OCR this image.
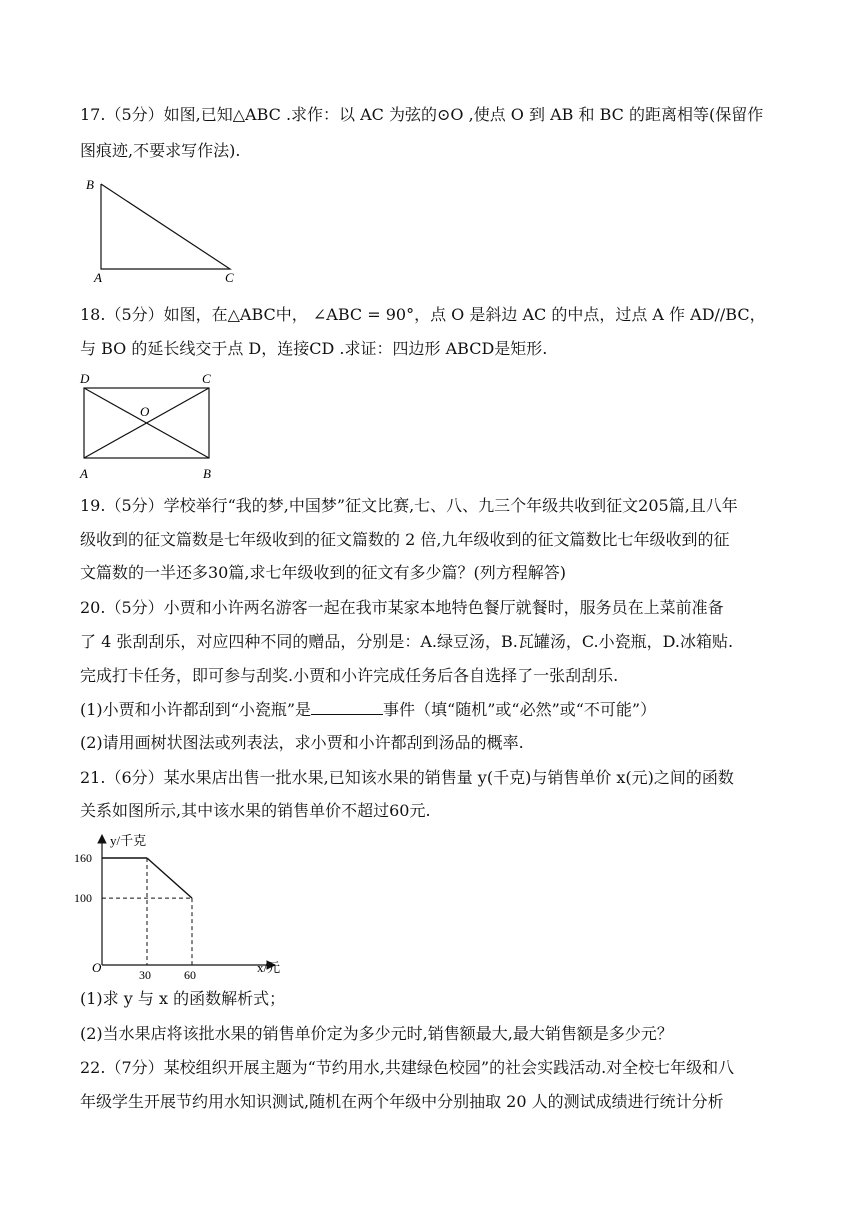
17.（5分）如图,已知△ABC .求作：以 AC 为弦的⊙O ,使点 O 到 AB 和 BC 的距离相等(保留作
图痕迹,不要求写作法).
B
A	C
18.（5分）如图，在△ABC中， ∠ABC = 90°，点 O 是斜边 AC 的中点，过点 A 作 AD//BC，
与 BO 的延长线交于点 D，连接CD .求证：四边形 ABCD是矩形.
D	C
O
A	B
19.（5分）学校举行“我的梦,中国梦”征文比赛,七、八、九三个年级共收到征文205篇,且八年
级收到的征文篇数是七年级收到的征文篇数的 2 倍,九年级收到的征文篇数比七年级收到的征
文篇数的一半还多30篇,求七年级收到的征文有多少篇？(列方程解答)
20.（5分）小贾和小许两名游客一起在我市某家本地特色餐厅就餐时，服务员在上菜前准备
了 4 张刮刮乐，对应四种不同的赠品，分别是：A.绿豆汤，B.瓦罐汤，C.小瓷瓶，D.冰箱贴.
完成打卡任务，即可参与刮奖.小贾和小许完成任务后各自选择了一张刮刮乐.
(1)小贾和小许都刮到“小瓷瓶”是	事件（填“随机”或“必然”或“不可能”）
(2)请用画树状图法或列表法，求小贾和小许都刮到汤品的概率.
21.（6分）某水果店出售一批水果,已知该水果的销售量 y(千克)与销售单价 x(元)之间的函数
关系如图所示,其中该水果的销售单价不超过60元.
y/千克
x/元
O	30	60
100
160
(1)求 y 与 x 的函数解析式；
(2)当水果店将该批水果的销售单价定为多少元时,销售额最大,最大销售额是多少元？
22.（7分）某校组织开展主题为“节约用水,共建绿色校园”的社会实践活动.对全校七年级和八
年级学生开展节约用水知识测试,随机在两个年级中分别抽取 20 人的测试成绩进行统计分析
